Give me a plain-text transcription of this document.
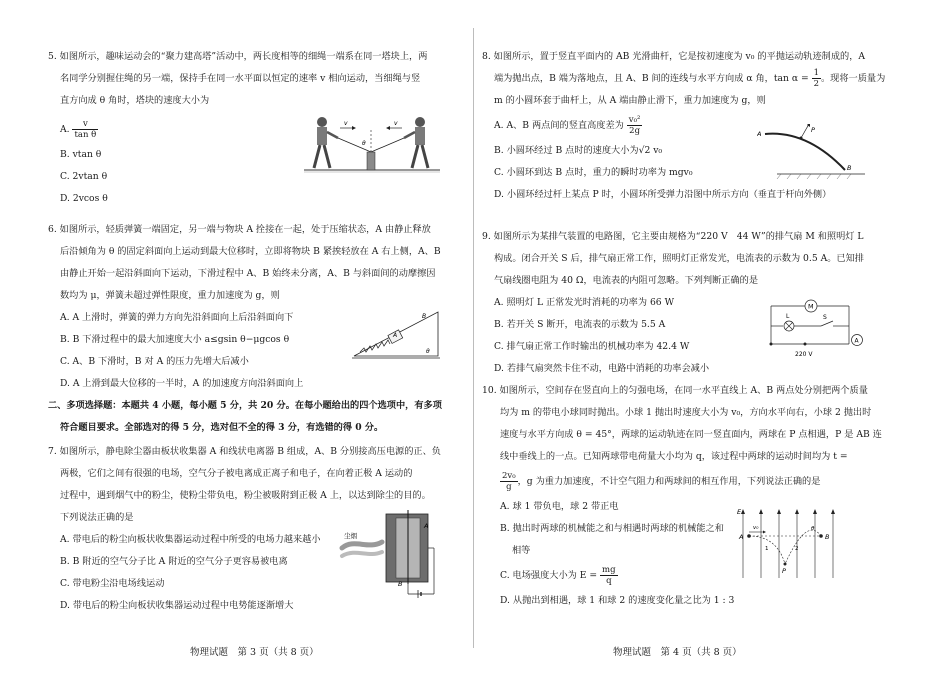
5. 如图所示，趣味运动会的“聚力建高塔”活动中，两长度相等的细绳一端系在同一塔块上，两
名同学分别握住绳的另一端，保持手在同一水平面以恒定的速率 v 相向运动，当细绳与竖
直方向成 θ 角时，塔块的速度大小为
A. $\frac{v}{\text{tan θ}}$
B. vtan θ
C. 2vtan θ
D. 2vcos θ
v	v
θ
6. 如图所示，轻质弹簧一端固定，另一端与物块 A 拴接在一起，处于压缩状态，A 由静止释放
后沿倾角为 θ 的固定斜面向上运动到最大位移时，立即将物块 B 紧挨轻放在 A 右上侧，A、B
由静止开始一起沿斜面向下运动，下滑过程中 A、B 始终未分离，A、B 与斜面间的动摩擦因
数均为 μ，弹簧未超过弹性限度，重力加速度为 g，则
A. A 上滑时，弹簧的弹力方向先沿斜面向上后沿斜面向下
B. B 下滑过程中的最大加速度大小 a≤gsin θ−μgcos θ
C. A、B 下滑时，B 对 A 的压力先增大后减小
D. A 上滑到最大位移的一半时，A 的加速度方向沿斜面向上
A
B
θ
二、多项选择题：本题共 4 小题，每小题 5 分，共 20 分。在每小题给出的四个选项中，有多项
符合题目要求。全部选对的得 5 分，选对但不全的得 3 分，有选错的得 0 分。
7. 如图所示，静电除尘器由板状收集器 A 和线状电离器 B 组成，A、B 分别接高压电源的正、负
两极，它们之间有很强的电场，空气分子被电离成正离子和电子，在向着正极 A 运动的
过程中，遇到烟气中的粉尘，使粉尘带负电，粉尘被吸附到正极 A 上，以达到除尘的目的。
下列说法正确的是
A. 带电后的粉尘向板状收集器运动过程中所受的电场力越来越小
B. B 附近的空气分子比 A 附近的空气分子更容易被电离
C. 带电粉尘沿电场线运动
D. 带电后的粉尘向板状收集器运动过程中电势能逐渐增大
尘烟
A
B
物理试题　第 3 页（共 8 页）
8. 如图所示，置于竖直平面内的 AB 光滑曲杆，它是按初速度为 v₀ 的平抛运动轨迹制成的，A
端为抛出点，B 端为落地点，且 A、B 间的连线与水平方向成 α 角，$\tan \alpha = \frac{1}{2}$ 。现将一质量为
m 的小圆环套于曲杆上，从 A 端由静止滑下，重力加速度为 g，则
A. A、B 两点间的竖直高度差为 $\frac{\text{v₀²}}{2g}$
B. 小圆环经过 B 点时的速度大小为√2 v₀
C. 小圆环到达 B 点时，重力的瞬时功率为 mgv₀
D. 小圆环经过杆上某点 P 时，小圆环所受弹力沿图中所示方向（垂直于杆向外侧）
A
B
P
9. 如图所示为某排气装置的电路图，它主要由规格为“220 V　44 W”的排气扇 M 和照明灯 L
构成。闭合开关 S 后，排气扇正常工作，照明灯正常发光，电流表的示数为 0.5 A。已知排
气扇线圈电阻为 40 Ω，电流表的内阻可忽略。下列判断正确的是
A. 照明灯 L 正常发光时消耗的功率为 66 W
B. 若开关 S 断开，电流表的示数为 5.5 A
C. 排气扇正常工作时输出的机械功率为 42.4 W
D. 若排气扇突然卡住不动，电路中消耗的功率会减小
M
L	S
220 V
A
10. 如图所示，空间存在竖直向上的匀强电场，在同一水平直线上 A、B 两点处分别把两个质量
均为 m 的带电小球同时抛出。小球 1 抛出时速度大小为 v₀，方向水平向右，小球 2 抛出时
速度与水平方向成 θ = 45°，两球的运动轨迹在同一竖直面内，两球在 P 点相遇，P 是 AB 连
线中垂线上的一点。已知两球带电荷量大小均为 q，该过程中两球的运动时间均为 t =
$\frac{\text{2v₀}}{g}$ ，g 为重力加速度，不计空气阻力和两球间的相互作用，下列说法正确的是
A. 球 1 带负电，球 2 带正电
B. 抛出时两球的机械能之和与相遇时两球的机械能之和
相等
C. 电场强度大小为 $E = \frac{mg}{q}$
D. 从抛出到相遇，球 1 和球 2 的速度变化量之比为 1 : 3
E
A	B
v₀
1	2
θ
P
物理试题　第 4 页（共 8 页）
